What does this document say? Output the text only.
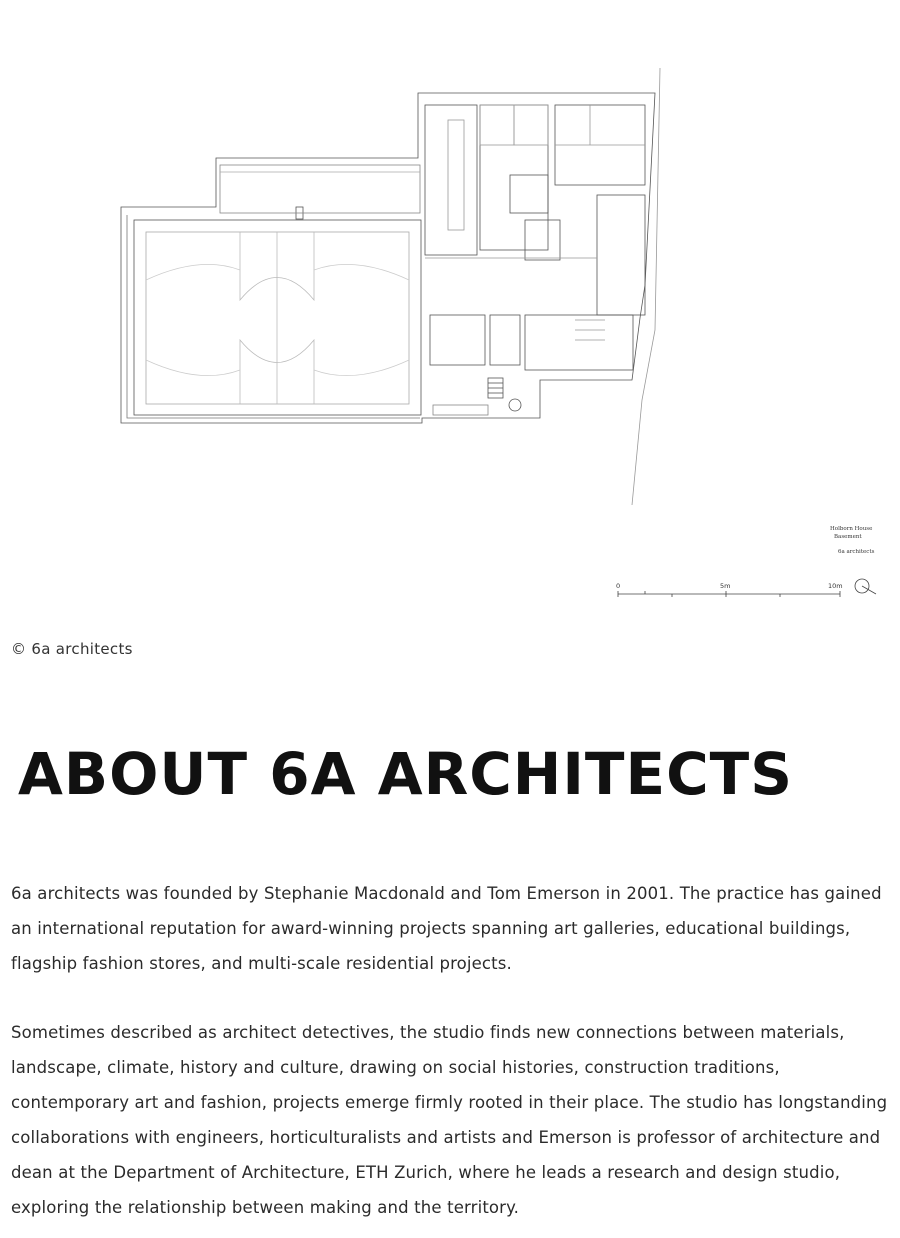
Holborn House
Basement
6a architects
0	5m	10m
© 6a architects
ABOUT 6A ARCHITECTS

6a architects was founded by Stephanie Macdonald and Tom Emerson in 2001. The practice has gained an international reputation for award-winning projects spanning art galleries, educational buildings, flagship fashion stores, and multi-scale residential projects.

Sometimes described as architect detectives, the studio finds new connections between materials, landscape, climate, history and culture, drawing on social histories, construction traditions, contemporary art and fashion, projects emerge firmly rooted in their place. The studio has longstanding collaborations with engineers, horticulturalists and artists and Emerson is professor of architecture and dean at the Department of Architecture, ETH Zurich, where he leads a research and design studio, exploring the relationship between making and the territory.
